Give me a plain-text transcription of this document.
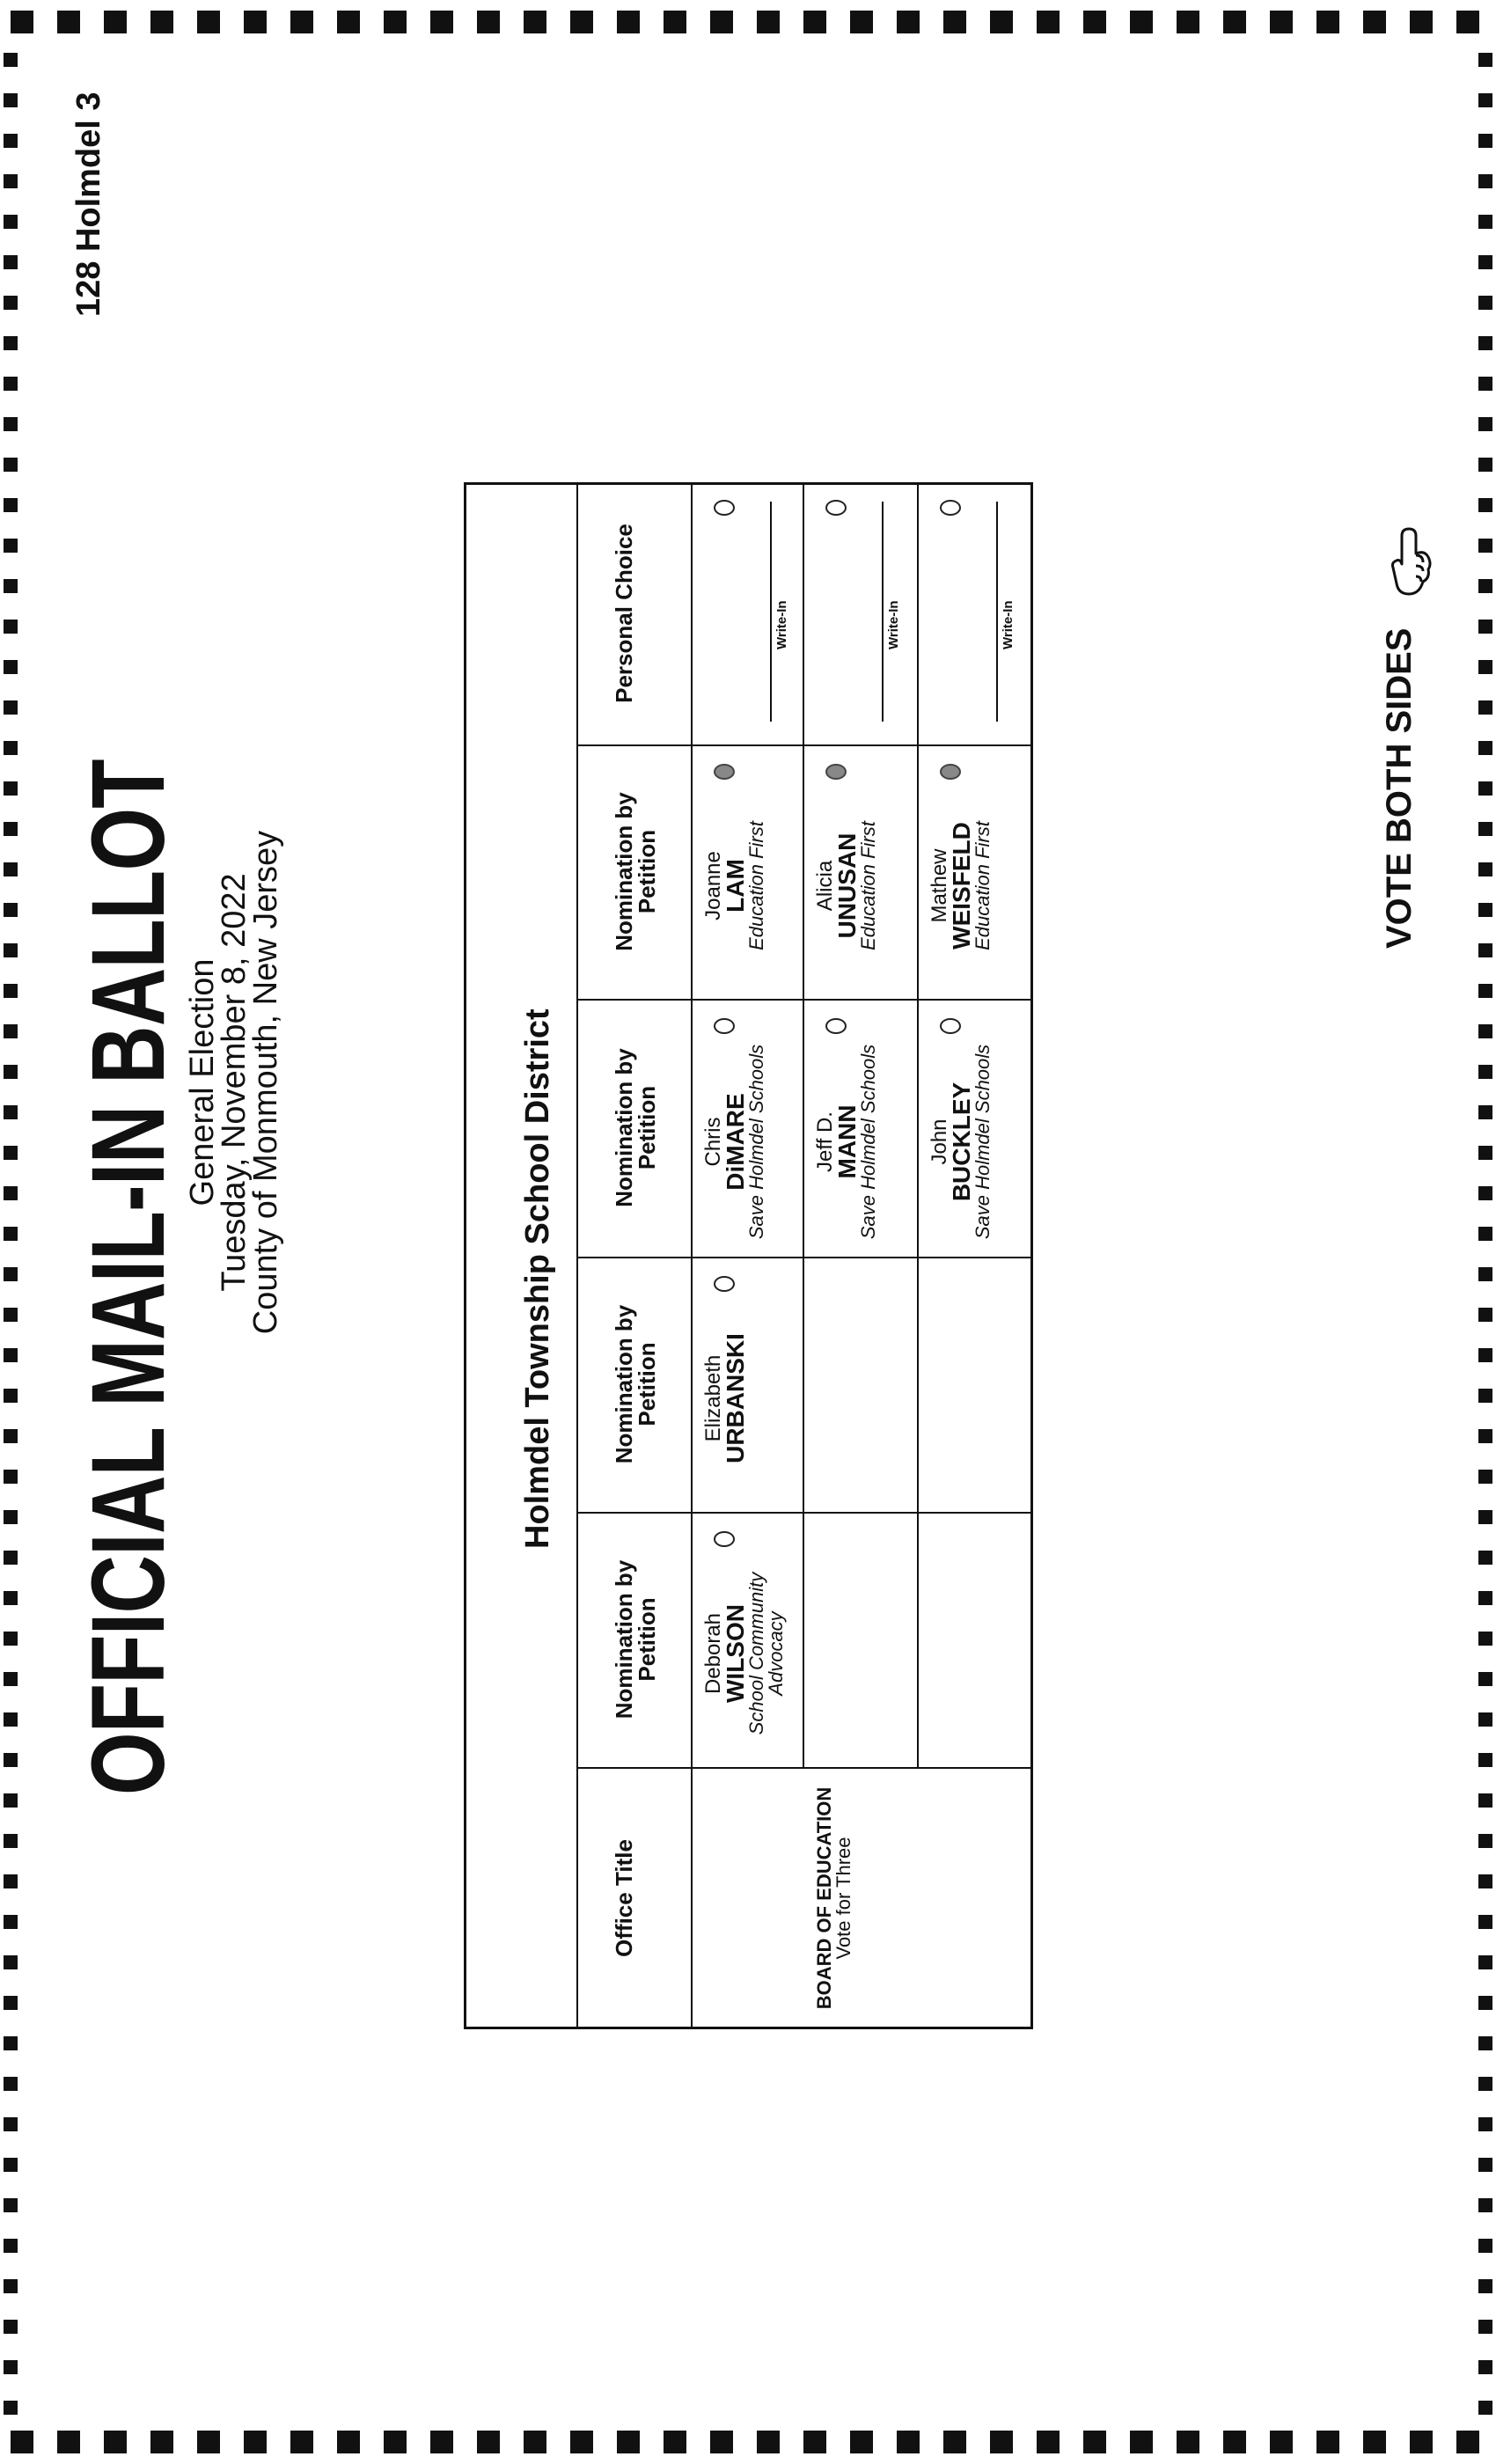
OFFICIAL MAIL-IN BALLOT
General Election
Tuesday, November 8, 2022
County of Monmouth, New Jersey
128 Holmdel 3
VOTE BOTH SIDES
Holmdel Township School District
Office Title
Nomination by
Petition
Nomination by
Petition
Nomination by
Petition
Nomination by
Petition
Personal Choice
BOARD OF EDUCATION
Vote for Three
Deborah
WILSON
School Community
Advocacy
Elizabeth
URBANSKI
Chris
DiMARE
Save Holmdel Schools Jeff D.
MANN
Save Holmdel Schools John
BUCKLEY
Save Holmdel Schools
Joanne
LAM
Education First Alicia
UNUSAN
Education First Mathew
WEISFELD
Education First
Write-In	Write-In	Write-In
